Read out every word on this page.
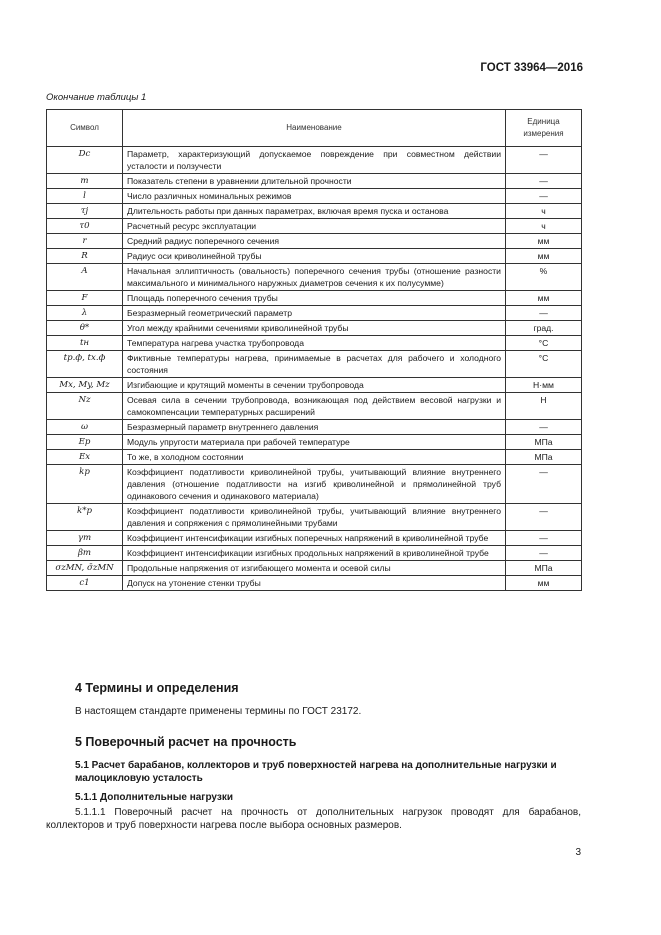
ГОСТ 33964—2016
Окончание таблицы 1
Символ	Наименование	Единица измерения
Dc	Параметр, характеризующий допускаемое повреждение при совместном действии усталости и ползучести	—
m	Показатель степени в уравнении длительной прочности	—
l	Число различных номинальных режимов	—
τj	Длительность работы при данных параметрах, включая время пуска и останова	ч
τ0	Расчетный ресурс эксплуатации	ч
r	Средний радиус поперечного сечения	мм
R	Радиус оси криволинейной трубы	мм
A	Начальная эллиптичность (овальность) поперечного сечения трубы (отношение разности максимального и минимального наружных диаметров сечения к их полусумме)	%
F	Площадь поперечного сечения трубы	мм
λ	Безразмерный геометрический параметр	—
θ*	Угол между крайними сечениями криволинейной трубы	град.
tн	Температура нагрева участка трубопровода	°С
tр.ф, tх.ф	Фиктивные температуры нагрева, принимаемые в расчетах для рабочего и холодного состояния	°С
Mx, My, Mz	Изгибающие и крутящий моменты в сечении трубопровода	Н·мм
Nz	Осевая сила в сечении трубопровода, возникающая под действием весовой нагрузки и самокомпенсации температурных расширений	Н
ω	Безразмерный параметр внутреннего давления	—
Ep	Модуль упругости материала при рабочей температуре	МПа
Ex	То же, в холодном состоянии	МПа
kp	Коэффициент податливости криволинейной трубы, учитывающий влияние внутреннего давления (отношение податливости на изгиб криволинейной и прямолинейной труб одинакового сечения и одинакового материала)	—
k*p	Коэффициент податливости криволинейной трубы, учитывающий влияние внутреннего давления и сопряжения с прямолинейными трубами	—
γm	Коэффициент интенсификации изгибных поперечных напряжений в криволинейной трубе	—
βm	Коэффициент интенсификации изгибных продольных напряжений в криволинейной трубе	—
σzMN, σ̄zMN	Продольные напряжения от изгибающего момента и осевой силы	МПа
c1	Допуск на утонение стенки трубы	мм
4 Термины и определения
В настоящем стандарте применены термины по ГОСТ 23172.
5 Поверочный расчет на прочность
5.1 Расчет барабанов, коллекторов и труб поверхностей нагрева на дополнительные нагрузки и малоцикловую усталость
5.1.1 Дополнительные нагрузки
5.1.1.1 Поверочный расчет на прочность от дополнительных нагрузок проводят для барабанов, коллекторов и труб поверхности нагрева после выбора основных размеров.
3
